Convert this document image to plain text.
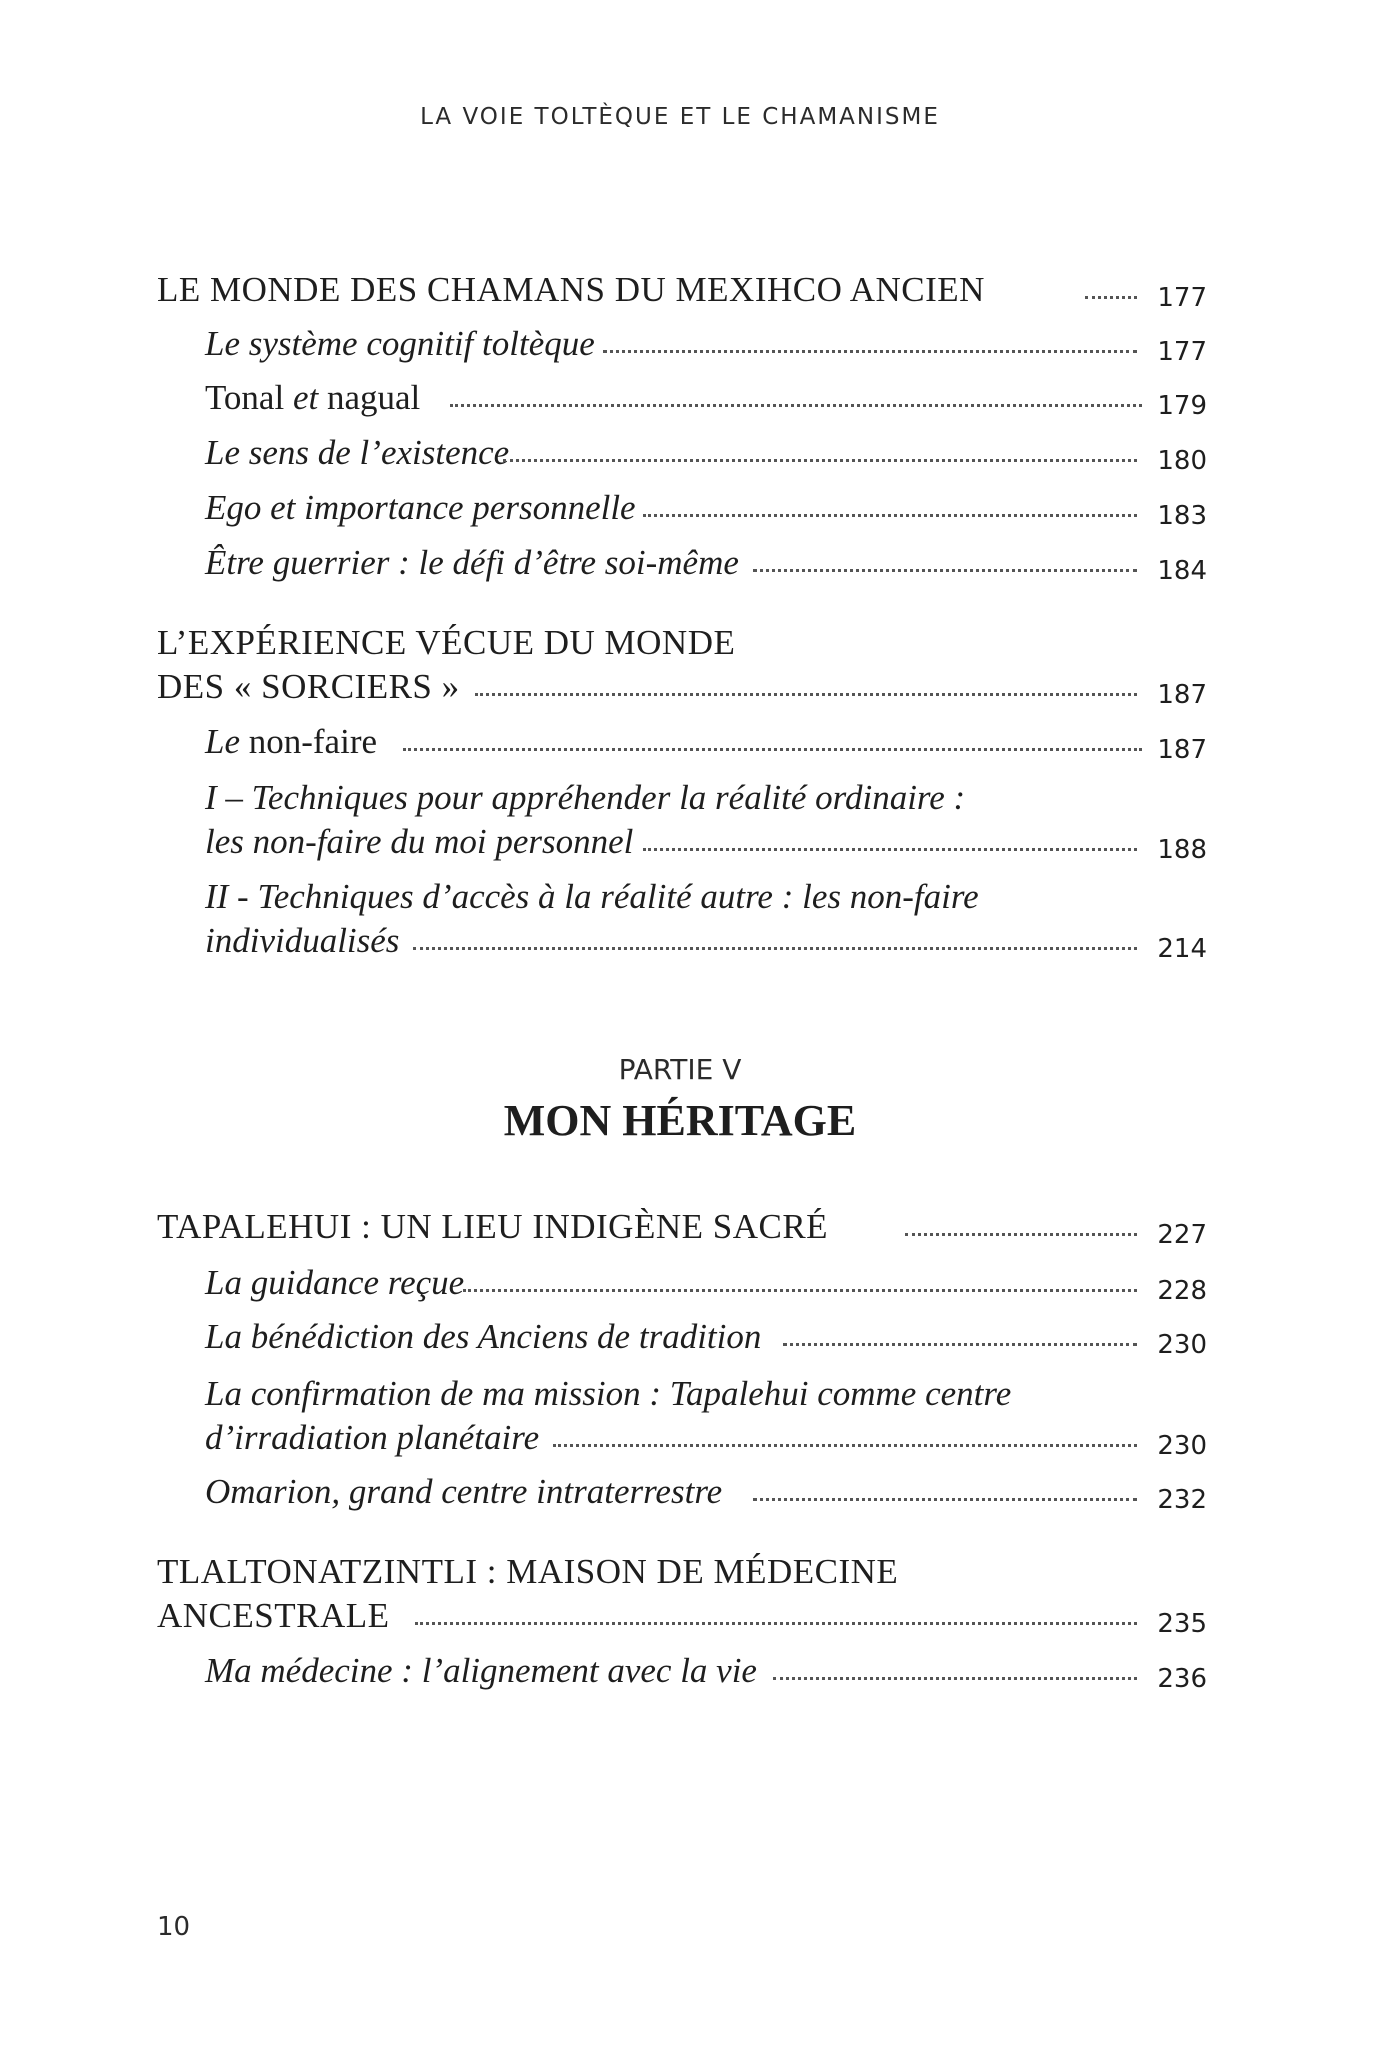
LA VOIE TOLTÈQUE ET LE CHAMANISME
LE MONDE DES CHAMANS DU MEXIHCO ANCIEN	177
Le système cognitif toltèque	177
Tonal et nagual	179
Le sens de l’existence	180
Ego et importance personnelle	183
Être guerrier : le défi d’être soi-même	184
L’EXPÉRIENCE VÉCUE DU MONDE
DES « SORCIERS »	187
Le non-faire	187
I – Techniques pour appréhender la réalité ordinaire :
les non-faire du moi personnel	188
II - Techniques d’accès à la réalité autre : les non-faire
individualisés	214
TAPALEHUI : UN LIEU INDIGÈNE SACRÉ	227
La guidance reçue	228
La bénédiction des Anciens de tradition	230
La confirmation de ma mission : Tapalehui comme centre
d’irradiation planétaire	230
Omarion, grand centre intraterrestre	232
TLALTONATZINTLI : MAISON DE MÉDECINE
ANCESTRALE	235
Ma médecine : l’alignement avec la vie	236
PARTIE V
MON HÉRITAGE
10
